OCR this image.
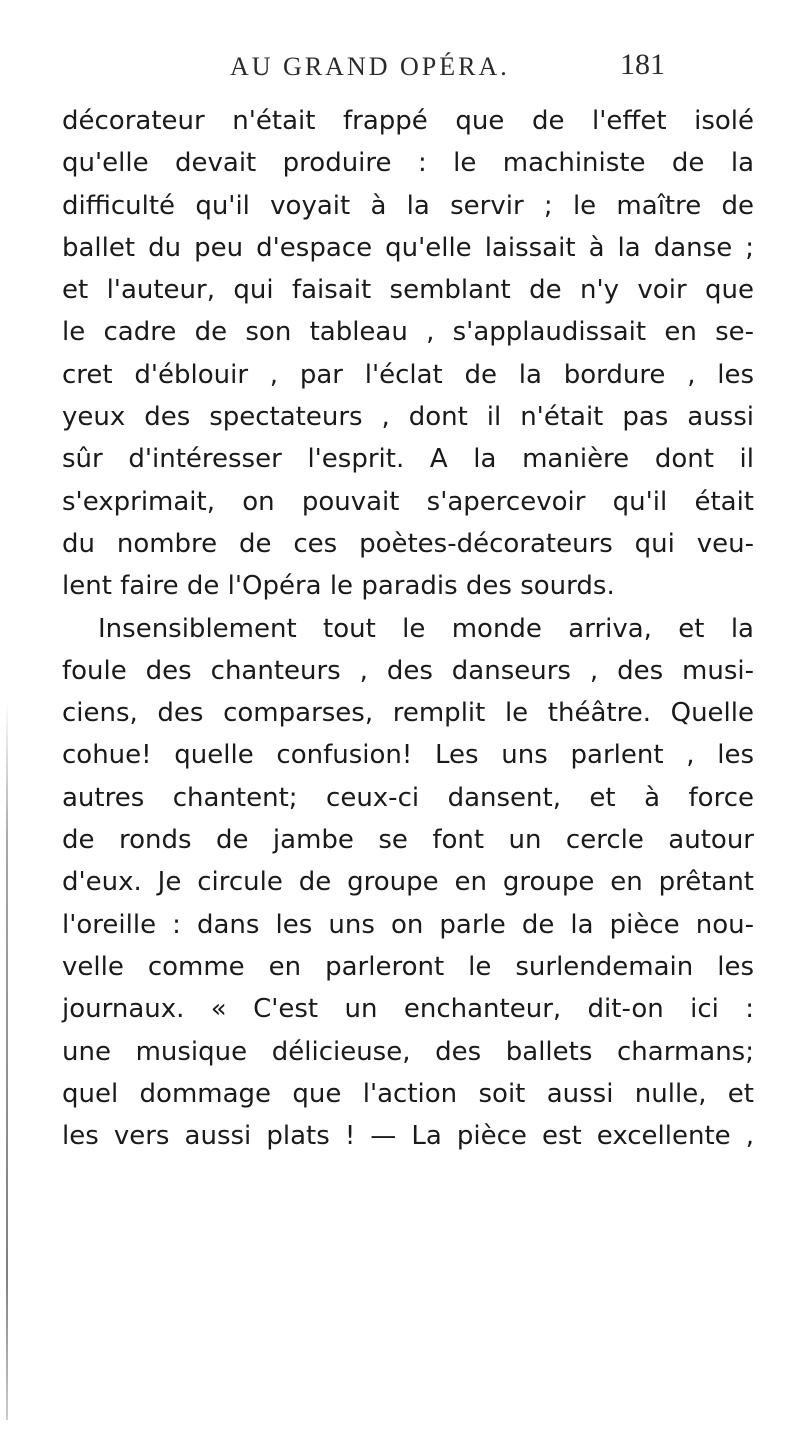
AU GRAND OPÉRA.	181
décorateur n'était frappé que de l'effet isolé
qu'elle devait produire : le machiniste de la
difficulté qu'il voyait à la servir ; le maître de
ballet du peu d'espace qu'elle laissait à la danse ;
et l'auteur, qui faisait semblant de n'y voir que
le cadre de son tableau , s'applaudissait en se-
cret d'éblouir , par l'éclat de la bordure , les
yeux des spectateurs , dont il n'était pas aussi
sûr d'intéresser l'esprit. A la manière dont il
s'exprimait, on pouvait s'apercevoir qu'il était
du nombre de ces poètes-décorateurs qui veu-
lent faire de l'Opéra le paradis des sourds.
Insensiblement tout le monde arriva, et la
foule des chanteurs , des danseurs , des musi-
ciens, des comparses, remplit le théâtre. Quelle
cohue! quelle confusion! Les uns parlent , les
autres chantent; ceux-ci dansent, et à force
de ronds de jambe se font un cercle autour
d'eux. Je circule de groupe en groupe en prêtant
l'oreille : dans les uns on parle de la pièce nou-
velle comme en parleront le surlendemain les
journaux. « C'est un enchanteur, dit-on ici :
une musique délicieuse, des ballets charmans;
quel dommage que l'action soit aussi nulle, et
les vers aussi plats ! — La pièce est excellente ,
